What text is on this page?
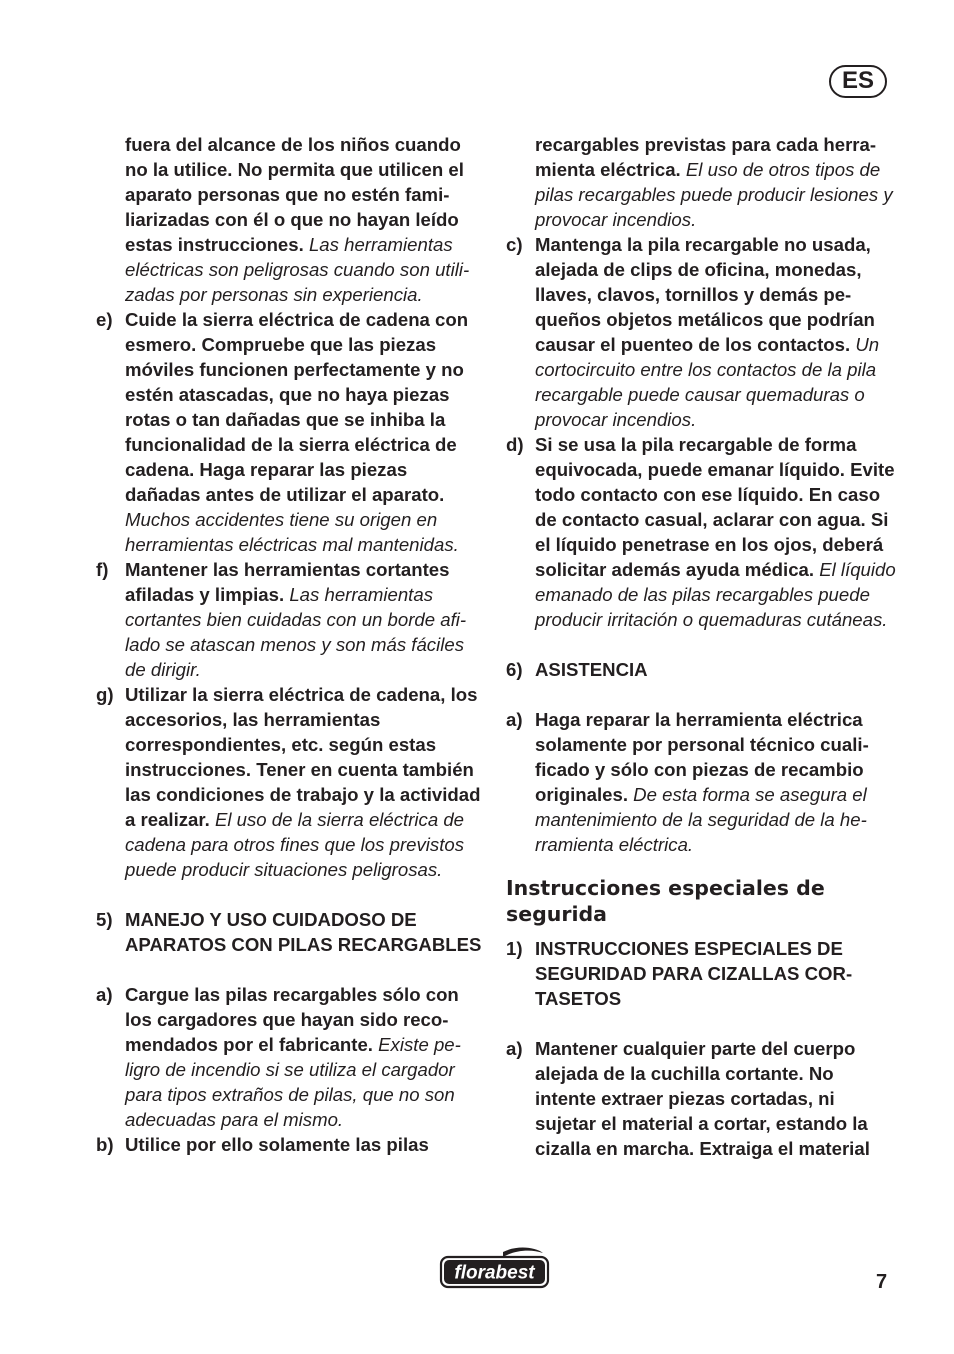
ES
fuera del alcance de los niños cuando no la utilice. No permita que utilicen el aparato personas que no estén familiarizadas con él o que no hayan leído estas instrucciones. Las herramientas eléctricas son peligrosas cuando son utilizadas por personas sin experiencia.
e) Cuide la sierra eléctrica de cadena con esmero. Compruebe que las piezas móviles funcionen perfectamente y no estén atascadas, que no haya piezas rotas o tan dañadas que se inhiba la funcionalidad de la sierra eléctrica de cadena. Haga reparar las piezas dañadas antes de utilizar el aparato. Muchos accidentes tiene su origen en herramientas eléctricas mal mantenidas.
f) Mantener las herramientas cortantes afiladas y limpias. Las herramientas cortantes bien cuidadas con un borde afilado se atascan menos y son más fáciles de dirigir.
g) Utilizar la sierra eléctrica de cadena, los accesorios, las herramientas correspondientes, etc. según estas instrucciones. Tener en cuenta también las condiciones de trabajo y la actividad a realizar. El uso de la sierra eléctrica de cadena para otros fines que los previstos puede producir situaciones peligrosas.
5) MANEJO Y USO CUIDADOSO DE APARATOS CON PILAS RECARGABLES
a) Cargue las pilas recargables sólo con los cargadores que hayan sido recomendados por el fabricante. Existe peligro de incendio si se utiliza el cargador para tipos extraños de pilas, que no son adecuadas para el mismo.
b) Utilice por ello solamente las pilas
recargables previstas para cada herramienta eléctrica. El uso de otros tipos de pilas recargables puede producir lesiones y provocar incendios.
c) Mantenga la pila recargable no usada, alejada de clips de oficina, monedas, llaves, clavos, tornillos y demás pequeños objetos metálicos que podrían causar el puenteo de los contactos. Un cortocircuito entre los contactos de la pila recargable puede causar quemaduras o provocar incendios.
d) Si se usa la pila recargable de forma equivocada, puede emanar líquido. Evite todo contacto con ese líquido. En caso de contacto casual, aclarar con agua. Si el líquido penetrase en los ojos, deberá solicitar además ayuda médica. El líquido emanado de las pilas recargables puede producir irritación o quemaduras cutáneas.
6) ASISTENCIA
a) Haga reparar la herramienta eléctrica solamente por personal técnico cualificado y sólo con piezas de recambio originales. De esta forma se asegura el mantenimiento de la seguridad de la herramienta eléctrica.
Instrucciones especiales de segurida
1) INSTRUCCIONES ESPECIALES DE SEGURIDAD PARA CIZALLAS CORTASETOS
a) Mantener cualquier parte del cuerpo alejada de la cuchilla cortante. No intente extraer piezas cortadas, ni sujetar el material a cortar, estando la cizalla en marcha. Extraiga el material
florabest	7
